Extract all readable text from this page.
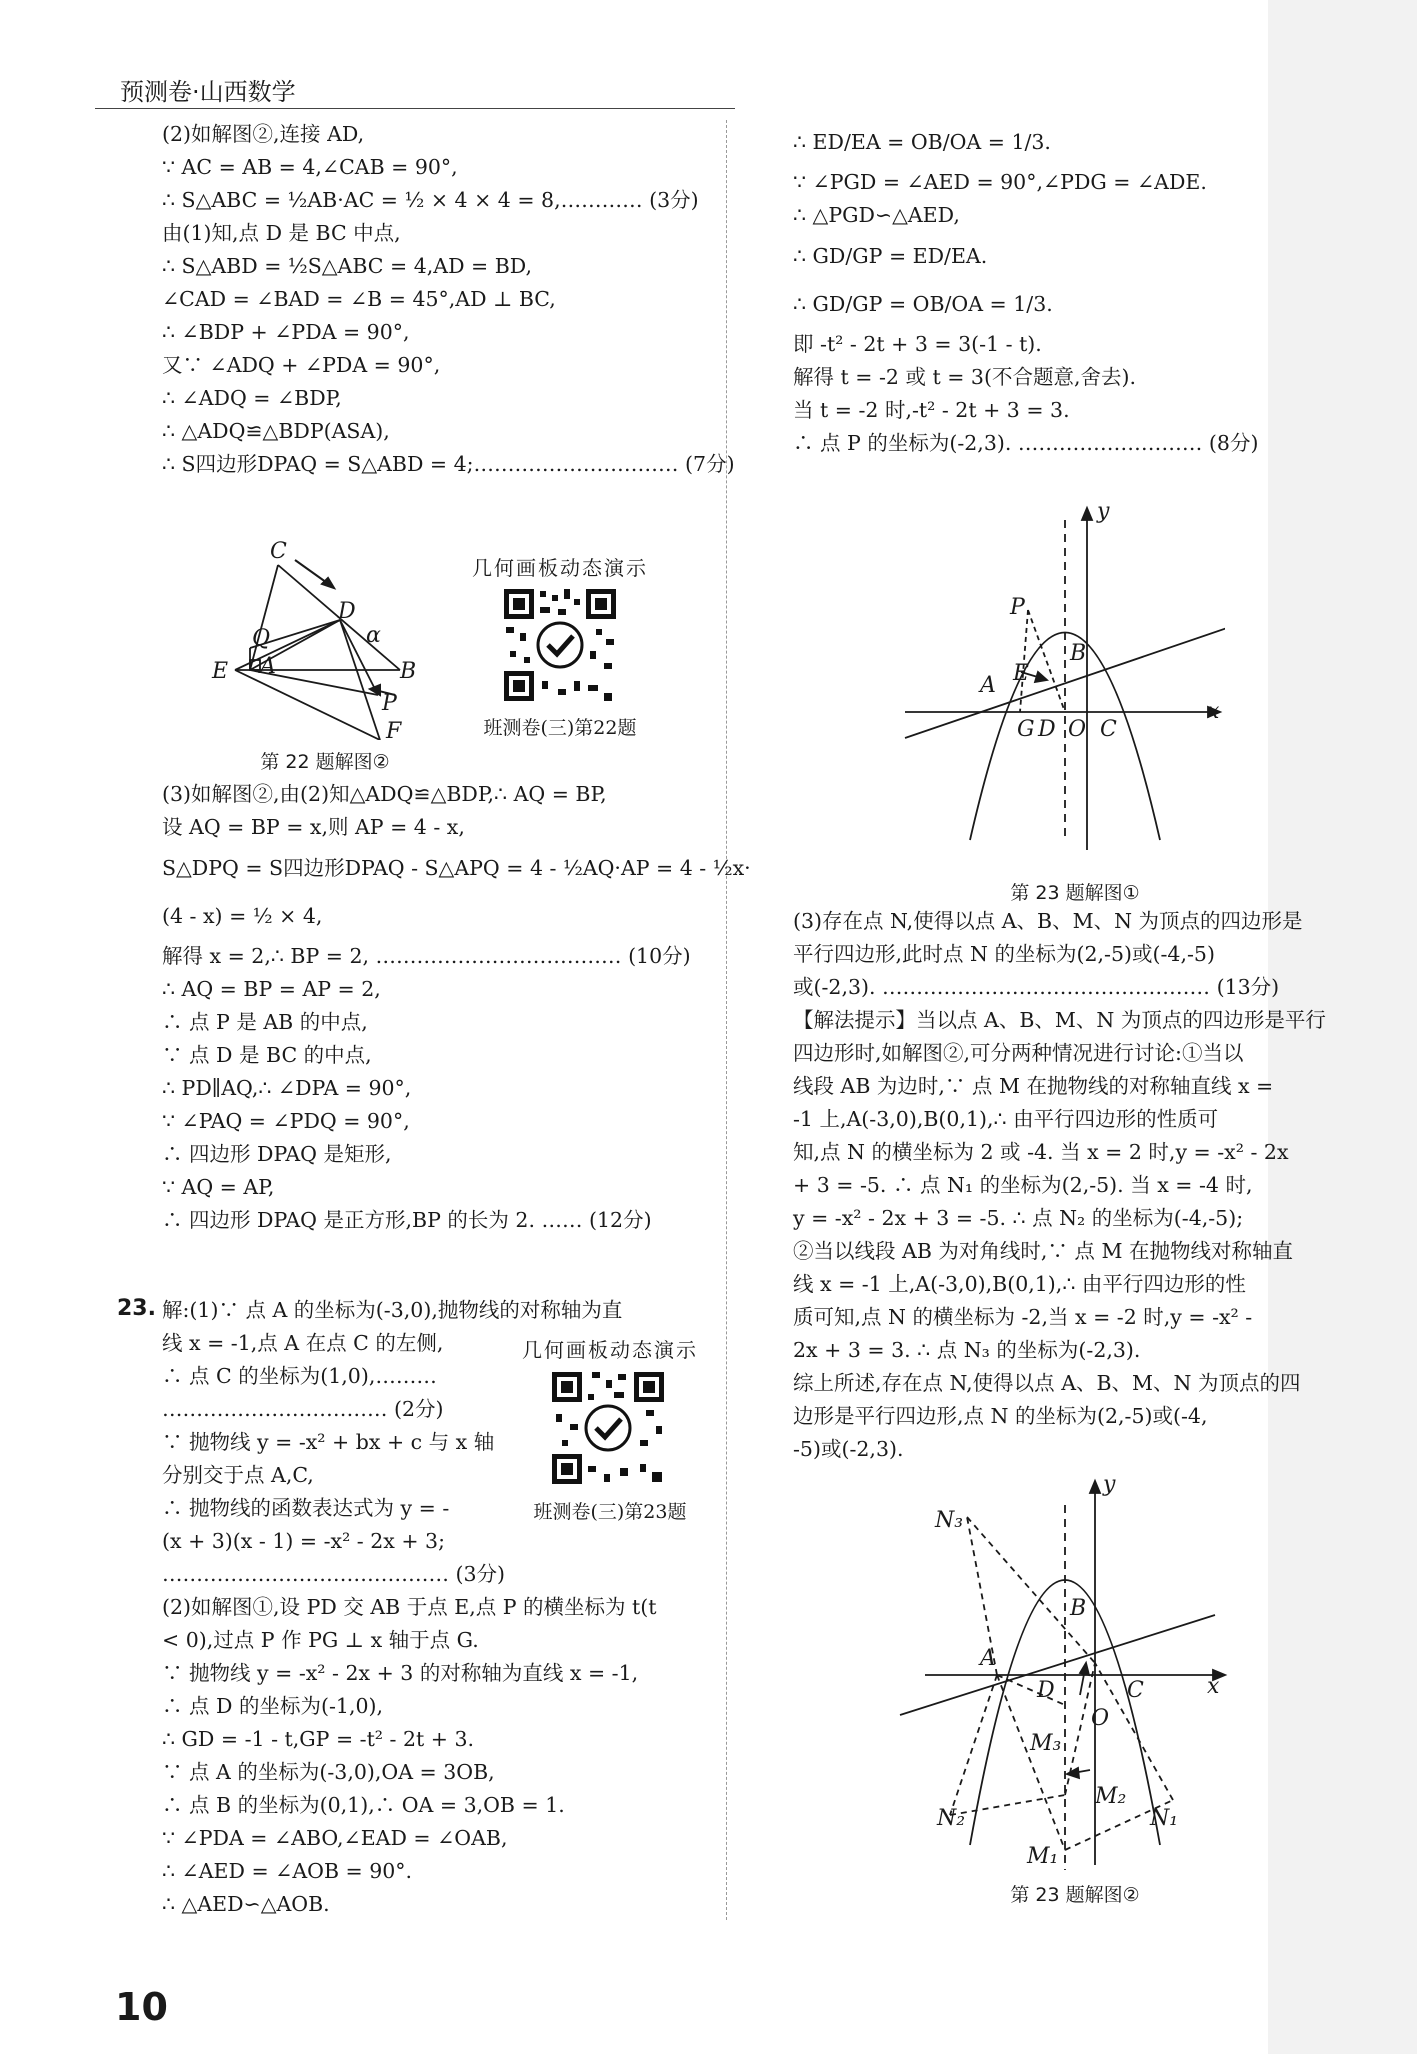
预测卷·山西数学
(2)如解图②,连接 AD,
∵ AC = AB = 4,∠CAB = 90°,
∴ S△ABC = ½AB·AC = ½ × 4 × 4 = 8,………… (3分)
由(1)知,点 D 是 BC 中点,
∴ S△ABD = ½S△ABC = 4,AD = BD,
∠CAD = ∠BAD = ∠B = 45°,AD ⊥ BC,
∴ ∠BDP + ∠PDA = 90°,
又∵ ∠ADQ + ∠PDA = 90°,
∴ ∠ADQ = ∠BDP,
∴ △ADQ≌△BDP(ASA),
∴ S四边形DPAQ = S△ABD = 4;………………………… (7分)
C
D
Q	α
E A	B
P
F
第 22 题解图②
几何画板动态演示
班测卷(三)第22题
(3)如解图②,由(2)知△ADQ≌△BDP,∴ AQ = BP,
设 AQ = BP = x,则 AP = 4 - x,
S△DPQ = S四边形DPAQ - S△APQ = 4 - ½AQ·AP = 4 - ½x·
(4 - x) = ½ × 4,
解得 x = 2,∴ BP = 2, ……………………………… (10分)
∴ AQ = BP = AP = 2,
∴ 点 P 是 AB 的中点,
∵ 点 D 是 BC 的中点,
∴ PD∥AQ,∴ ∠DPA = 90°,
∵ ∠PAQ = ∠PDQ = 90°,
∴ 四边形 DPAQ 是矩形,
∵ AQ = AP,
∴ 四边形 DPAQ 是正方形,BP 的长为 2. …… (12分)
23. 解:(1)∵ 点 A 的坐标为(-3,0),抛物线的对称轴为直
线 x = -1,点 A 在点 C 的左侧,
∴ 点 C 的坐标为(1,0),………
…………………………… (2分)
∵ 抛物线 y = -x² + bx + c 与 x 轴
分别交于点 A,C,
∴ 抛物线的函数表达式为 y = -
(x + 3)(x - 1) = -x² - 2x + 3;
…………………………………… (3分)
(2)如解图①,设 PD 交 AB 于点 E,点 P 的横坐标为 t(t
< 0),过点 P 作 PG ⊥ x 轴于点 G.
∵ 抛物线 y = -x² - 2x + 3 的对称轴为直线 x = -1,
∴ 点 D 的坐标为(-1,0),
∴ GD = -1 - t,GP = -t² - 2t + 3.
∵ 点 A 的坐标为(-3,0),OA = 3OB,
∴ 点 B 的坐标为(0,1),∴ OA = 3,OB = 1.
∵ ∠PDA = ∠ABO,∠EAD = ∠OAB,
∴ ∠AED = ∠AOB = 90°.
∴ △AED∽△AOB.
几何画板动态演示
班测卷(三)第23题
∴ ED/EA = OB/OA = 1/3.
∵ ∠PGD = ∠AED = 90°,∠PDG = ∠ADE.
∴ △PGD∽△AED,
∴ GD/GP = ED/EA.
∴ GD/GP = OB/OA = 1/3.
即 -t² - 2t + 3 = 3(-1 - t).
解得 t = -2 或 t = 3(不合题意,舍去).
当 t = -2 时,-t² - 2t + 3 = 3.
∴ 点 P 的坐标为(-2,3). ……………………… (8分)
y
P
B
A E
G D O C
x
第 23 题解图①
(3)存在点 N,使得以点 A、B、M、N 为顶点的四边形是
平行四边形,此时点 N 的坐标为(2,-5)或(-4,-5)
或(-2,3). ………………………………………… (13分)
【解法提示】当以点 A、B、M、N 为顶点的四边形是平行
四边形时,如解图②,可分两种情况进行讨论:①当以
线段 AB 为边时,∵ 点 M 在抛物线的对称轴直线 x =
-1 上,A(-3,0),B(0,1),∴ 由平行四边形的性质可
知,点 N 的横坐标为 2 或 -4. 当 x = 2 时,y = -x² - 2x
+ 3 = -5. ∴ 点 N₁ 的坐标为(2,-5). 当 x = -4 时,
y = -x² - 2x + 3 = -5. ∴ 点 N₂ 的坐标为(-4,-5);
②当以线段 AB 为对角线时,∵ 点 M 在抛物线对称轴直
线 x = -1 上,A(-3,0),B(0,1),∴ 由平行四边形的性
质可知,点 N 的横坐标为 -2,当 x = -2 时,y = -x² -
2x + 3 = 3. ∴ 点 N₃ 的坐标为(-2,3).
综上所述,存在点 N,使得以点 A、B、M、N 为顶点的四
边形是平行四边形,点 N 的坐标为(2,-5)或(-4,
-5)或(-2,3).
y
N₃
B
A
D	C	x
O
M₃
M₂
N₂	N₁
M₁
第 23 题解图②
10
